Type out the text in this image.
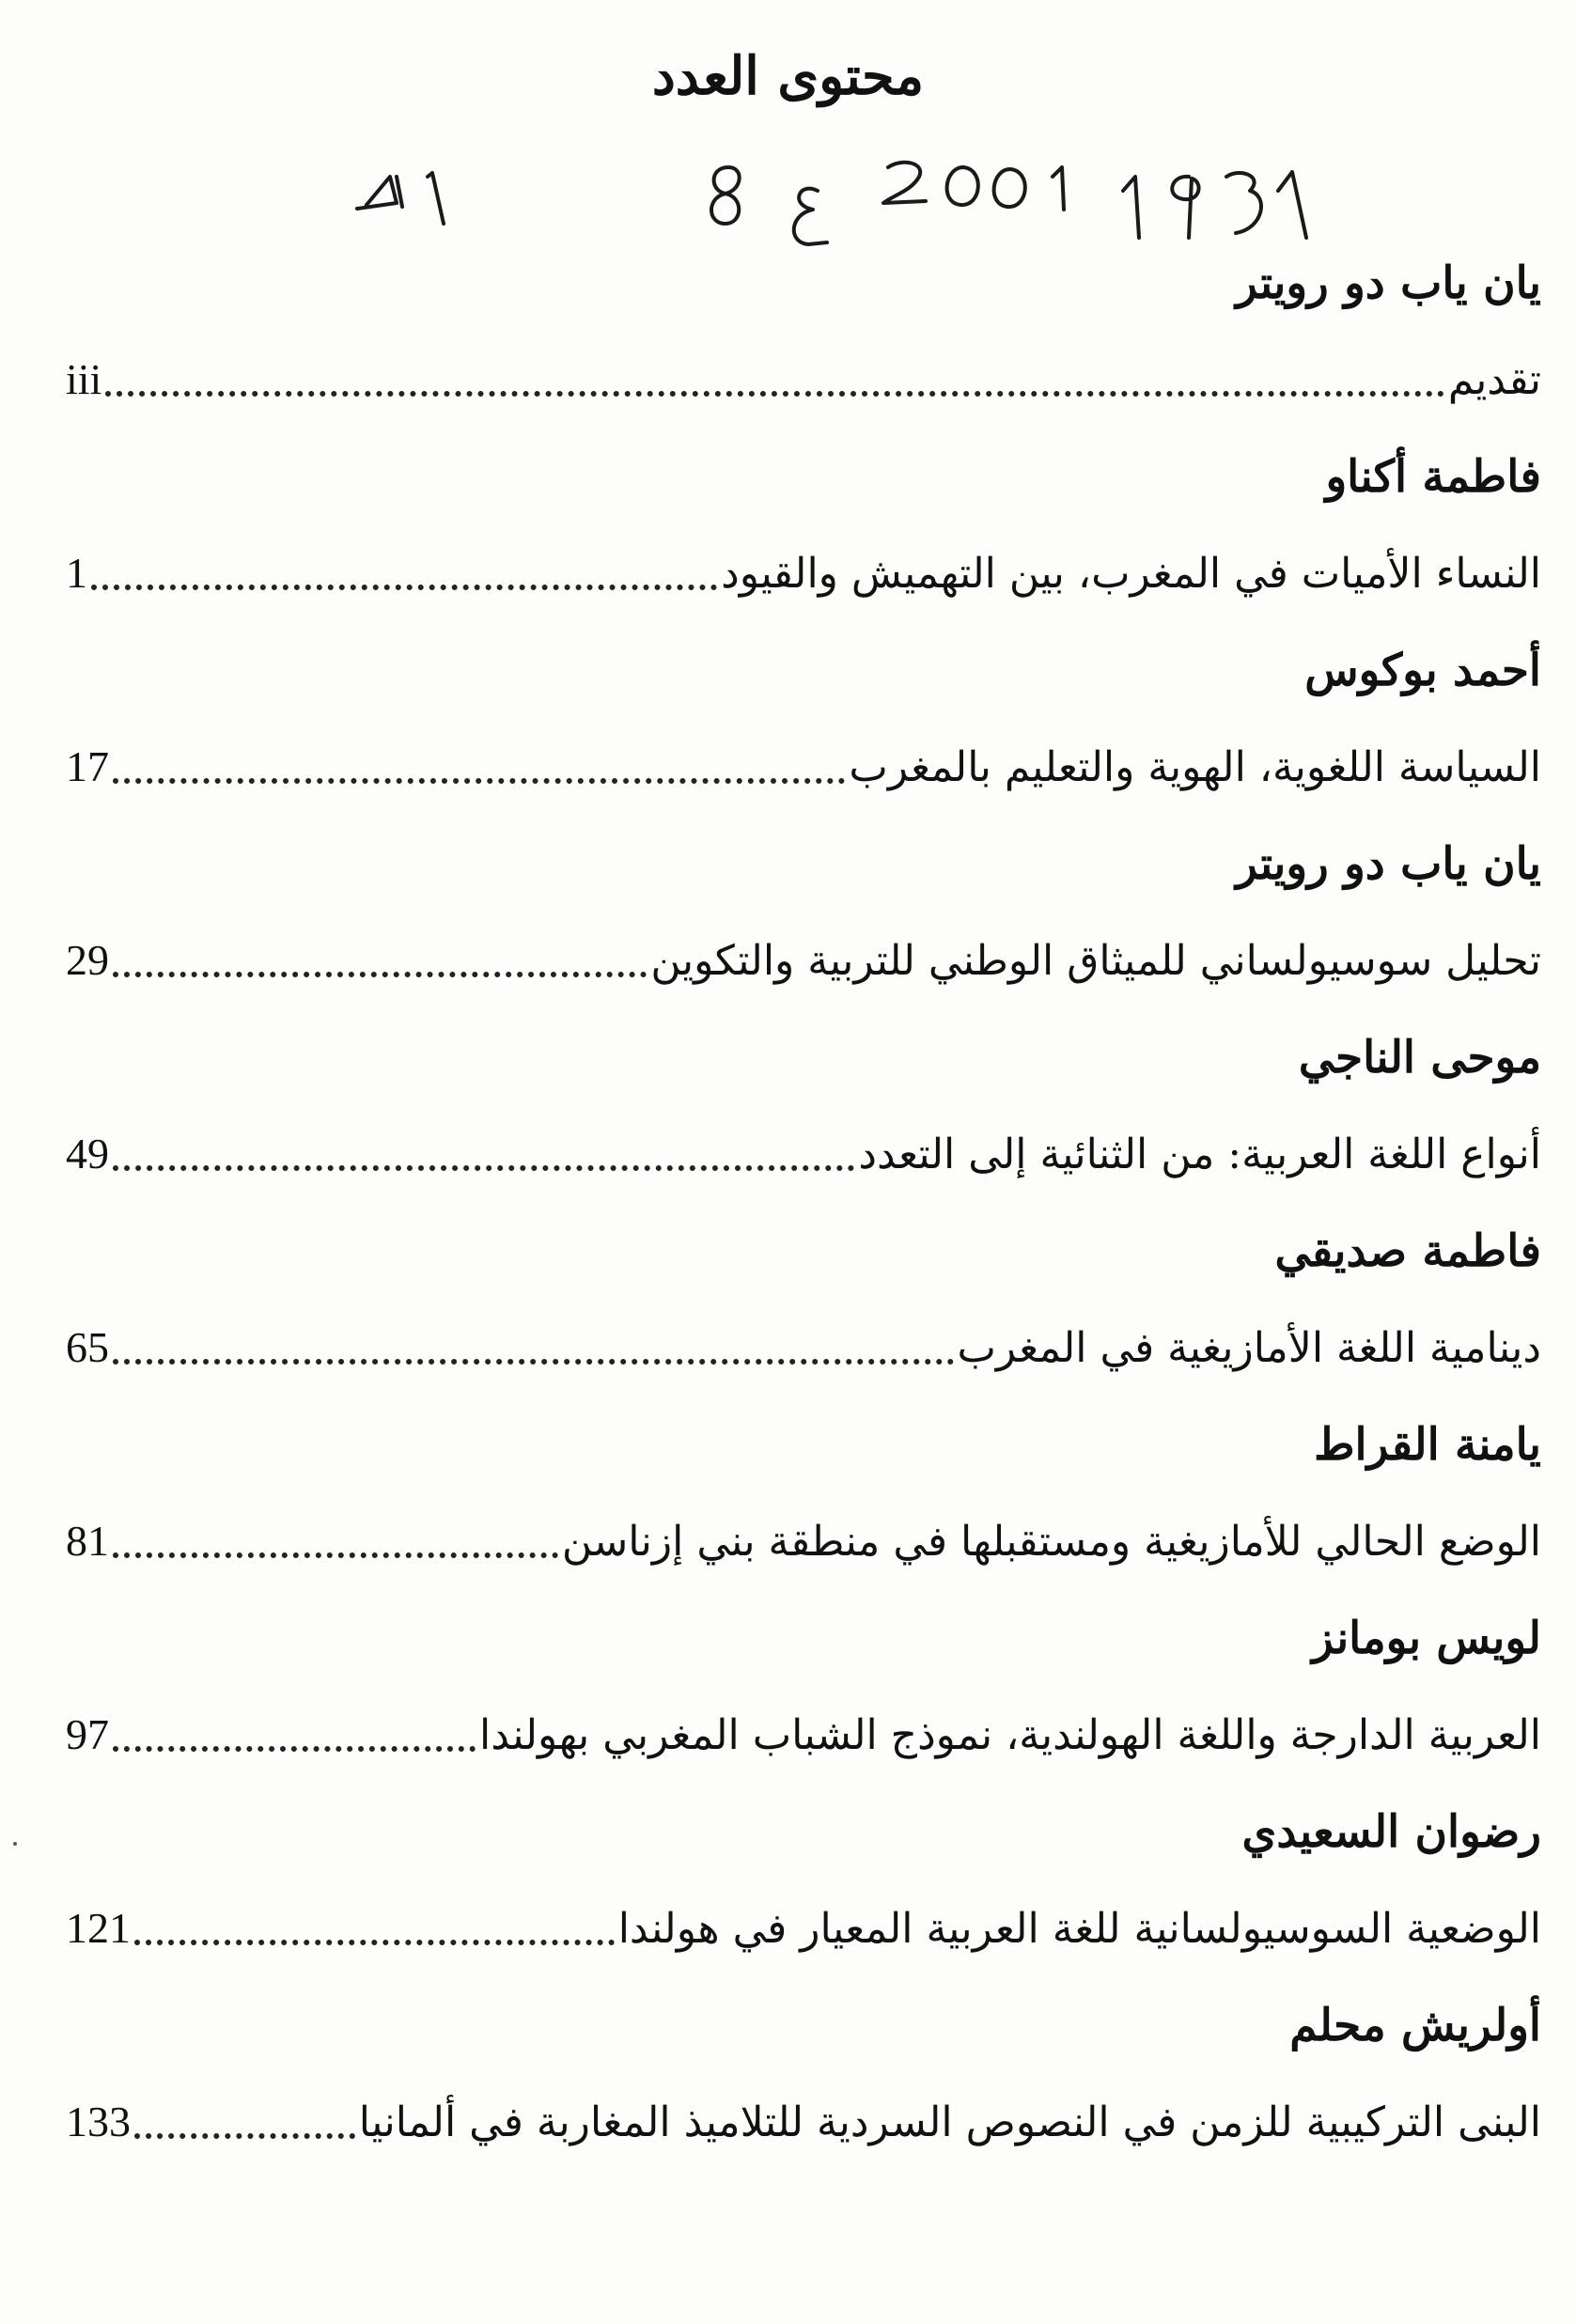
محتوى العدد
يان ياب دو رويتر
تقديم
iii
فاطمة أكناو
النساء الأميات في المغرب، بين التهميش والقيود
1
أحمد بوكوس
السياسة اللغوية، الهوية والتعليم بالمغرب
17
يان ياب دو رويتر
تحليل سوسيولساني للميثاق الوطني للتربية والتكوين
29
موحى الناجي
أنواع اللغة العربية: من الثنائية إلى التعدد
49
فاطمة صديقي
دينامية اللغة الأمازيغية في المغرب
65
يامنة القراط
الوضع الحالي للأمازيغية ومستقبلها في منطقة بني إزناسن
81
لويس بومانز
العربية الدارجة واللغة الهولندية، نموذج الشباب المغربي بهولندا
97
رضوان السعيدي
الوضعية السوسيولسانية للغة العربية المعيار في هولندا
121
أولريش محلم
البنى التركيبية للزمن في النصوص السردية للتلاميذ المغاربة في ألمانيا
133
